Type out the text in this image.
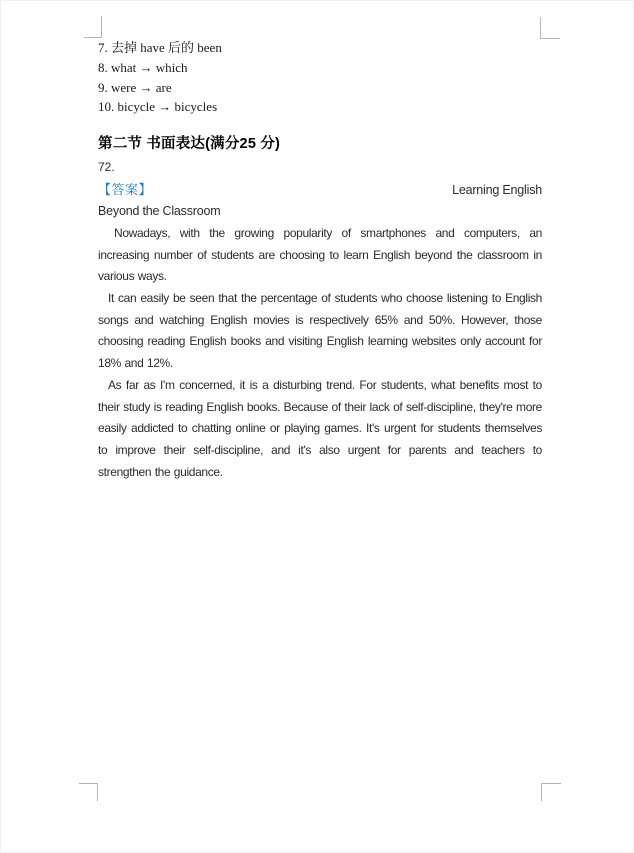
7. 去掉 have 后的 been
8. what → which
9. were → are
10. bicycle → bicycles
第二节 书面表达(满分25 分)
72.
【答案】	Learning English
Beyond the Classroom

Nowadays, with the growing popularity of smartphones and computers, an increasing number of students are choosing to learn English beyond the classroom in various ways.

It can easily be seen that the percentage of students who choose listening to English songs and watching English movies is respectively 65% and 50%. However, those choosing reading English books and visiting English learning websites only account for 18% and 12%.

As far as I'm concerned, it is a disturbing trend. For students, what benefits most to their study is reading English books. Because of their lack of self-discipline, they're more easily addicted to chatting online or playing games. It's urgent for students themselves to improve their self-discipline, and it's also urgent for parents and teachers to strengthen the guidance.
